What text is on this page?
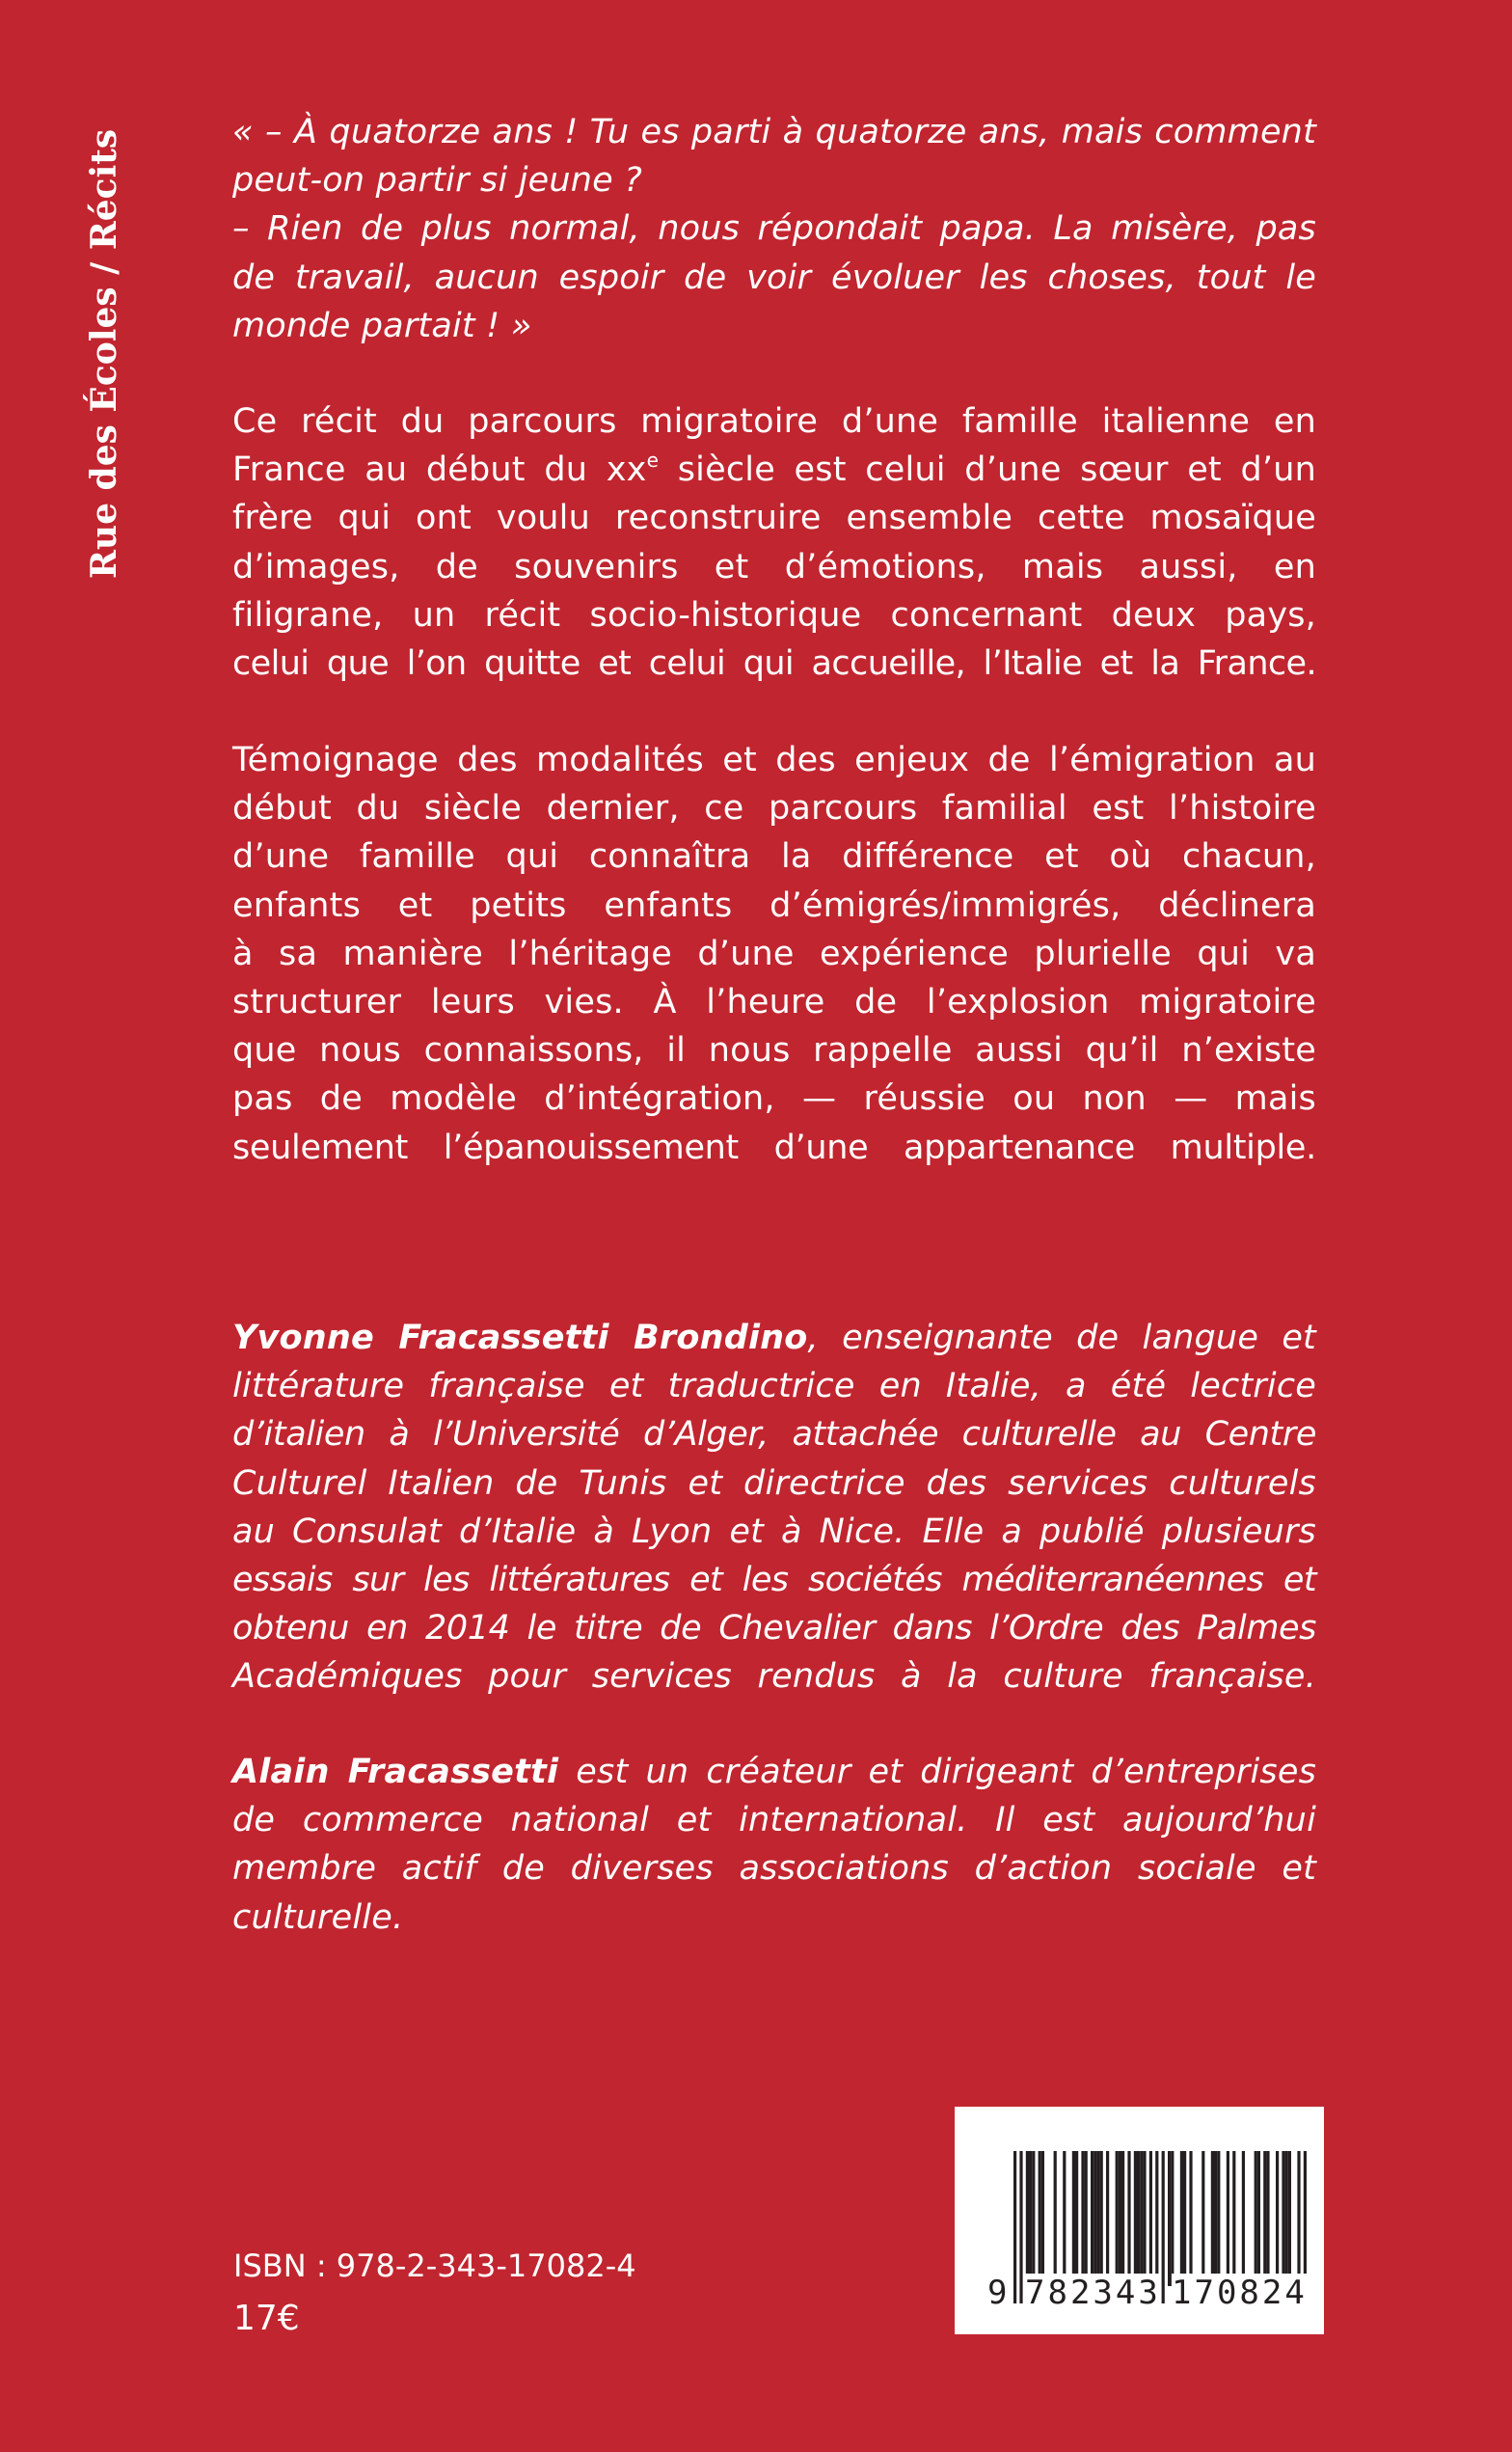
Rue des Écoles / Récits	« – À quatorze ans ! Tu es parti à quatorze ans, mais comment
peut-on partir si jeune ?
– Rien de plus normal, nous répondait papa. La misère, pas
de travail, aucun espoir de voir évoluer les choses, tout le
monde partait ! »
Ce récit du parcours migratoire d’une famille italienne en
France au début du $xx^e$ siècle est celui d’une sœur et d’un
frère qui ont voulu reconstruire ensemble cette mosaïque
d’images, de souvenirs et d’émotions, mais aussi, en
filigrane, un récit socio-historique concernant deux pays,
celui que l’on quitte et celui qui accueille, l’Italie et la France.
Témoignage des modalités et des enjeux de l’émigration au
début du siècle dernier, ce parcours familial est l’histoire
d’une famille qui connaîtra la différence et où chacun,
enfants et petits enfants d’émigrés/immigrés, déclinera
à sa manière l’héritage d’une expérience plurielle qui va
structurer leurs vies. À l’heure de l’explosion migratoire
que nous connaissons, il nous rappelle aussi qu’il n’existe
pas de modèle d’intégration, — réussie ou non — mais
seulement l’épanouissement d’une appartenance multiple.
Yvonne Fracassetti Brondino, enseignante de langue et
littérature française et traductrice en Italie, a été lectrice
d’italien à l’Université d’Alger, attachée culturelle au Centre
Culturel Italien de Tunis et directrice des services culturels
au Consulat d’Italie à Lyon et à Nice. Elle a publié plusieurs
essais sur les littératures et les sociétés méditerranéennes et
obtenu en 2014 le titre de Chevalier dans l’Ordre des Palmes
Académiques pour services rendus à la culture française.
Alain Fracassetti est un créateur et dirigeant d’entreprises
de commerce national et international. Il est aujourd’hui
membre actif de diverses associations d’action sociale et
culturelle.
ISBN : 978-2-343-17082-4
17€
9 782343 170824
